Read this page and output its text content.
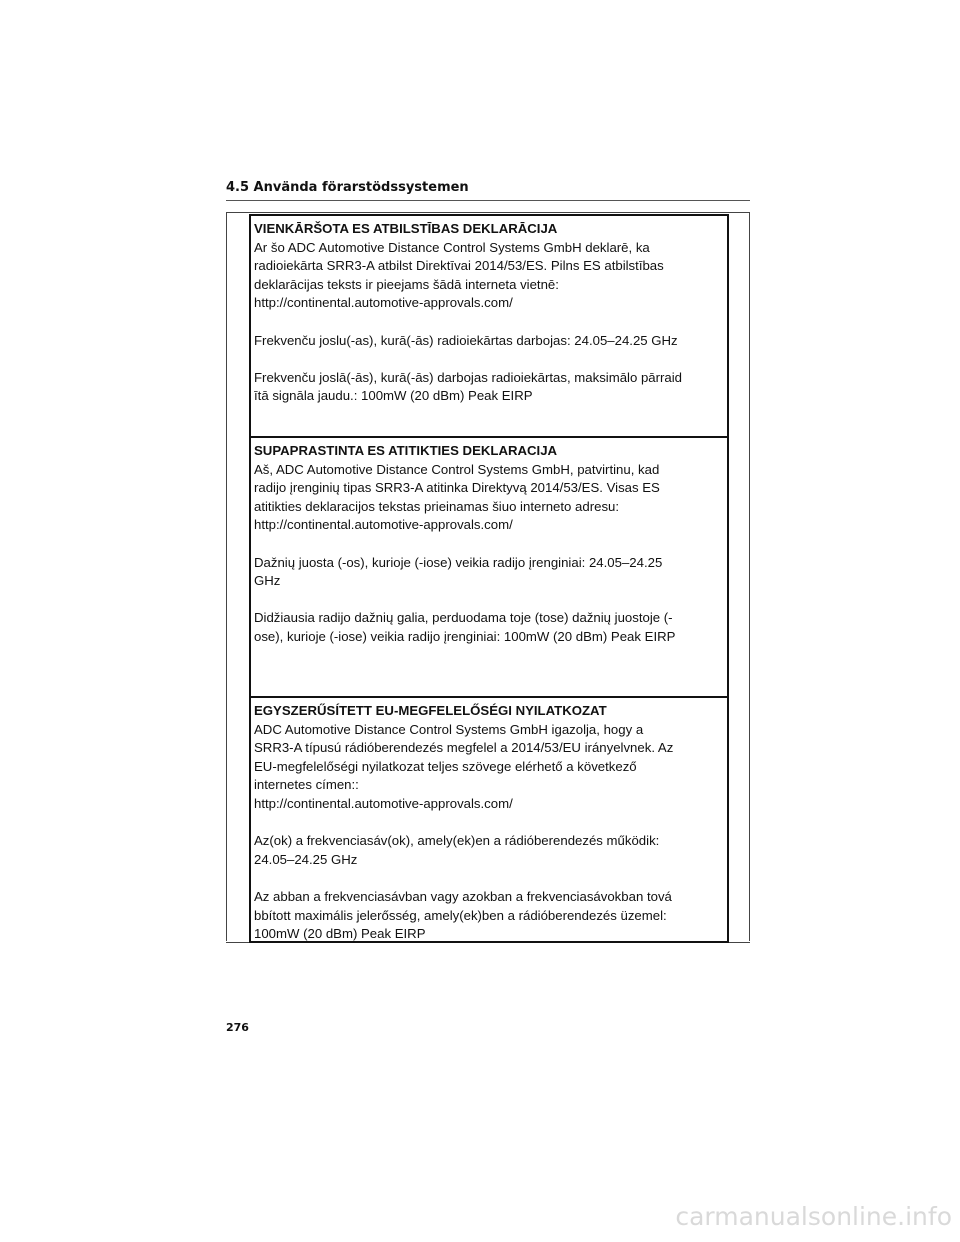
4.5 Använda förarstödssystemen
VIENKĀRŠOTA ES ATBILSTĪBAS DEKLARĀCIJA
Ar šo ADC Automotive Distance Control Systems GmbH deklarē, ka
radioiekārta SRR3-A atbilst Direktīvai 2014/53/ES. Pilns ES atbilstības
deklarācijas teksts ir pieejams šādā interneta vietnē:
http://continental.automotive-approvals.com/
Frekvenču joslu(-as), kurā(-ās) radioiekārtas darbojas: 24.05–24.25 GHz
Frekvenču joslā(-ās), kurā(-ās) darbojas radioiekārtas, maksimālo pārraid
ītā signāla jaudu.: 100mW (20 dBm) Peak EIRP
SUPAPRASTINTA ES ATITIKTIES DEKLARACIJA
Aš, ADC Automotive Distance Control Systems GmbH, patvirtinu, kad
radijo įrenginių tipas SRR3-A atitinka Direktyvą 2014/53/ES. Visas ES
atitikties deklaracijos tekstas prieinamas šiuo interneto adresu:
http://continental.automotive-approvals.com/
Dažnių juosta (-os), kurioje (-iose) veikia radijo įrenginiai: 24.05–24.25
GHz
Didžiausia radijo dažnių galia, perduodama toje (tose) dažnių juostoje (-
ose), kurioje (-iose) veikia radijo įrenginiai: 100mW (20 dBm) Peak EIRP
EGYSZERŰSÍTETT EU-MEGFELELŐSÉGI NYILATKOZAT
ADC Automotive Distance Control Systems GmbH igazolja, hogy a
SRR3-A típusú rádióberendezés megfelel a 2014/53/EU irányelvnek. Az
EU-megfelelőségi nyilatkozat teljes szövege elérhető a következő
internetes címen::
http://continental.automotive-approvals.com/
Az(ok) a frekvenciasáv(ok), amely(ek)en a rádióberendezés működik:
24.05–24.25 GHz
Az abban a frekvenciasávban vagy azokban a frekvenciasávokban tová
bbított maximális jelerősség, amely(ek)ben a rádióberendezés üzemel:
100mW (20 dBm) Peak EIRP
276
carmanualsonline.info
